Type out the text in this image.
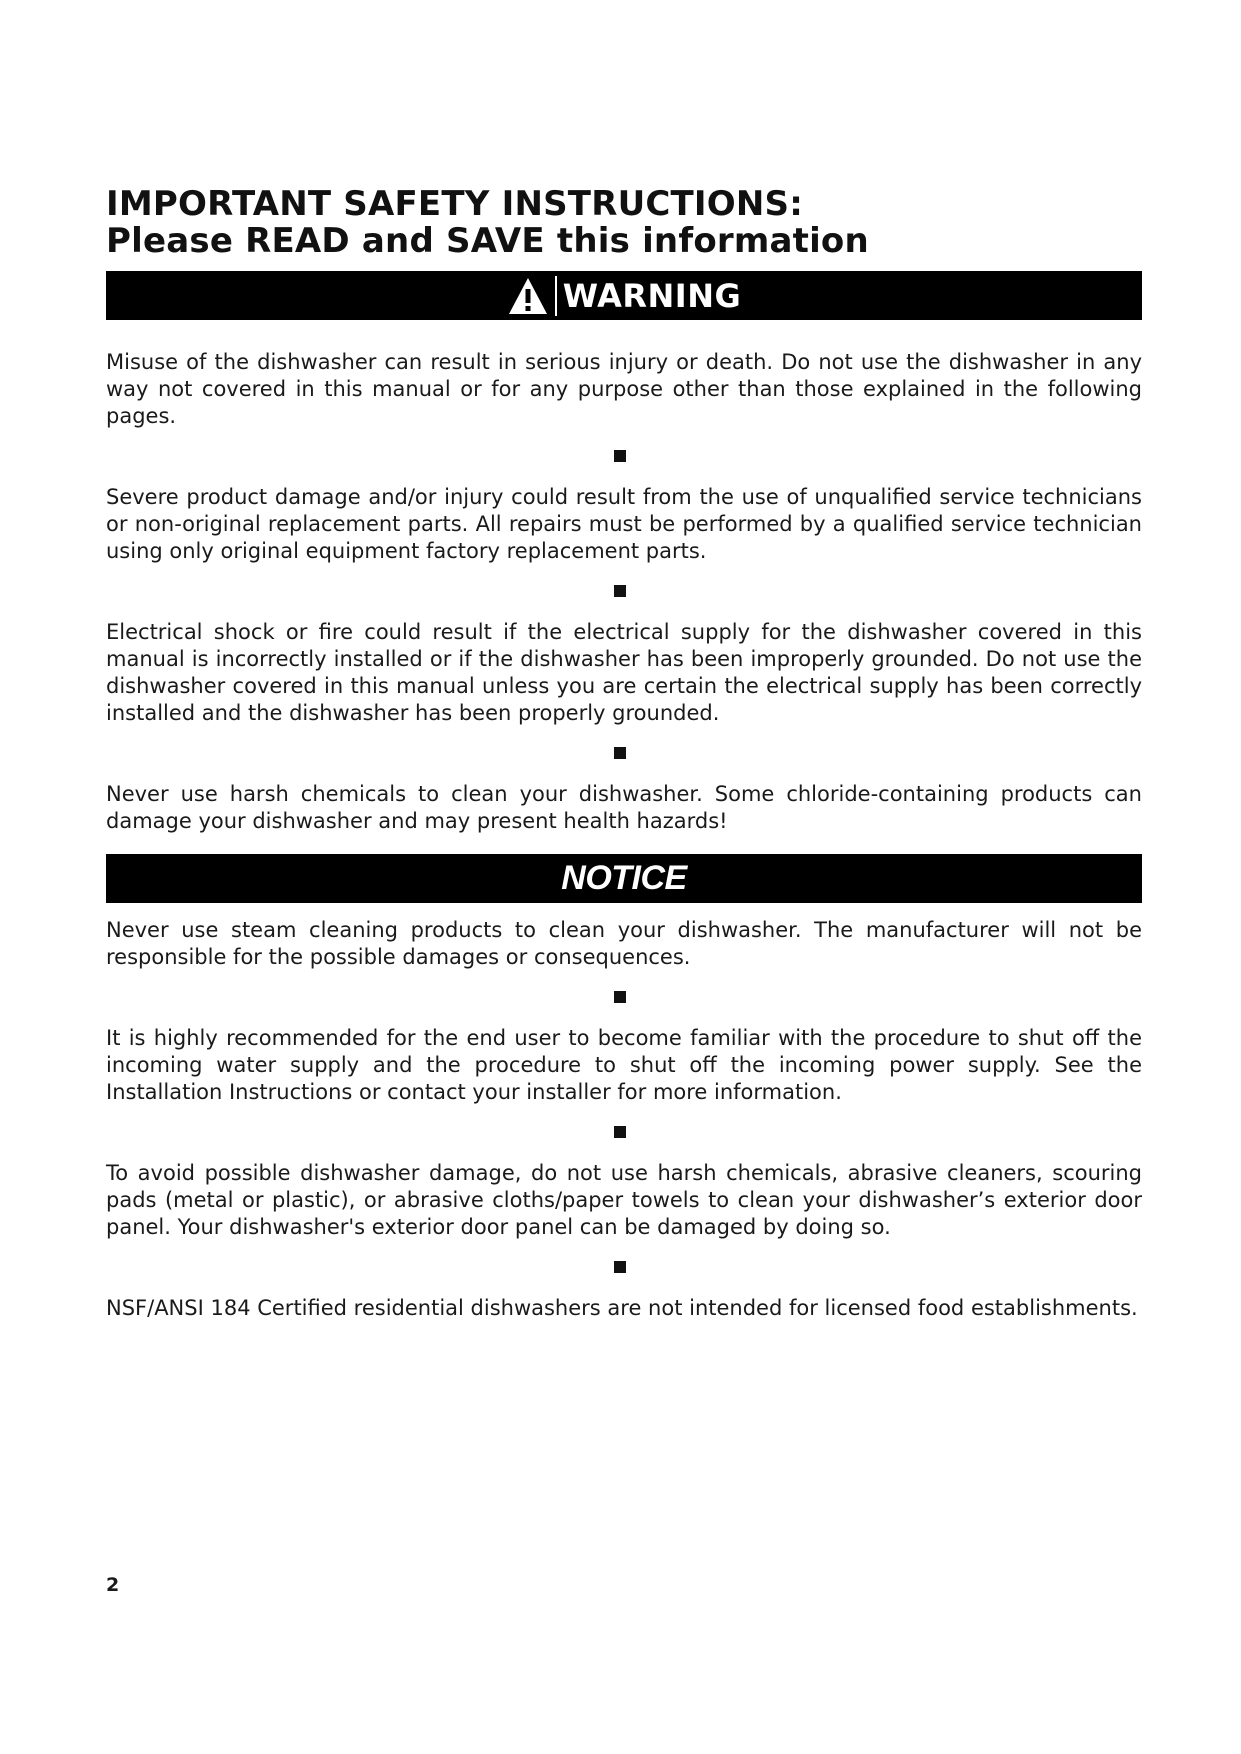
IMPORTANT SAFETY INSTRUCTIONS:
Please READ and SAVE this information
WARNING

Misuse of the dishwasher can result in serious injury or death. Do not use the dishwasher in any way not covered in this manual or for any purpose other than those explained in the following pages.

Severe product damage and/or injury could result from the use of unqualified service technicians or non-original replacement parts. All repairs must be performed by a qualified service technician using only original equipment factory replacement parts.

Electrical shock or fire could result if the electrical supply for the dishwasher covered in this manual is incorrectly installed or if the dishwasher has been improperly grounded. Do not use the dishwasher covered in this manual unless you are certain the electrical supply has been correctly installed and the dishwasher has been properly grounded.

Never use harsh chemicals to clean your dishwasher. Some chloride-containing products can damage your dishwasher and may present health hazards!

NOTICE

Never use steam cleaning products to clean your dishwasher. The manufacturer will not be responsible for the possible damages or consequences.

It is highly recommended for the end user to become familiar with the procedure to shut off the incoming water supply and the procedure to shut off the incoming power supply. See the Installation Instructions or contact your installer for more information.

To avoid possible dishwasher damage, do not use harsh chemicals, abrasive cleaners, scouring pads (metal or plastic), or abrasive cloths/paper towels to clean your dishwasher’s exterior door panel. Your dishwasher's exterior door panel can be damaged by doing so.

NSF/ANSI 184 Certified residential dishwashers are not intended for licensed food establishments.

2
